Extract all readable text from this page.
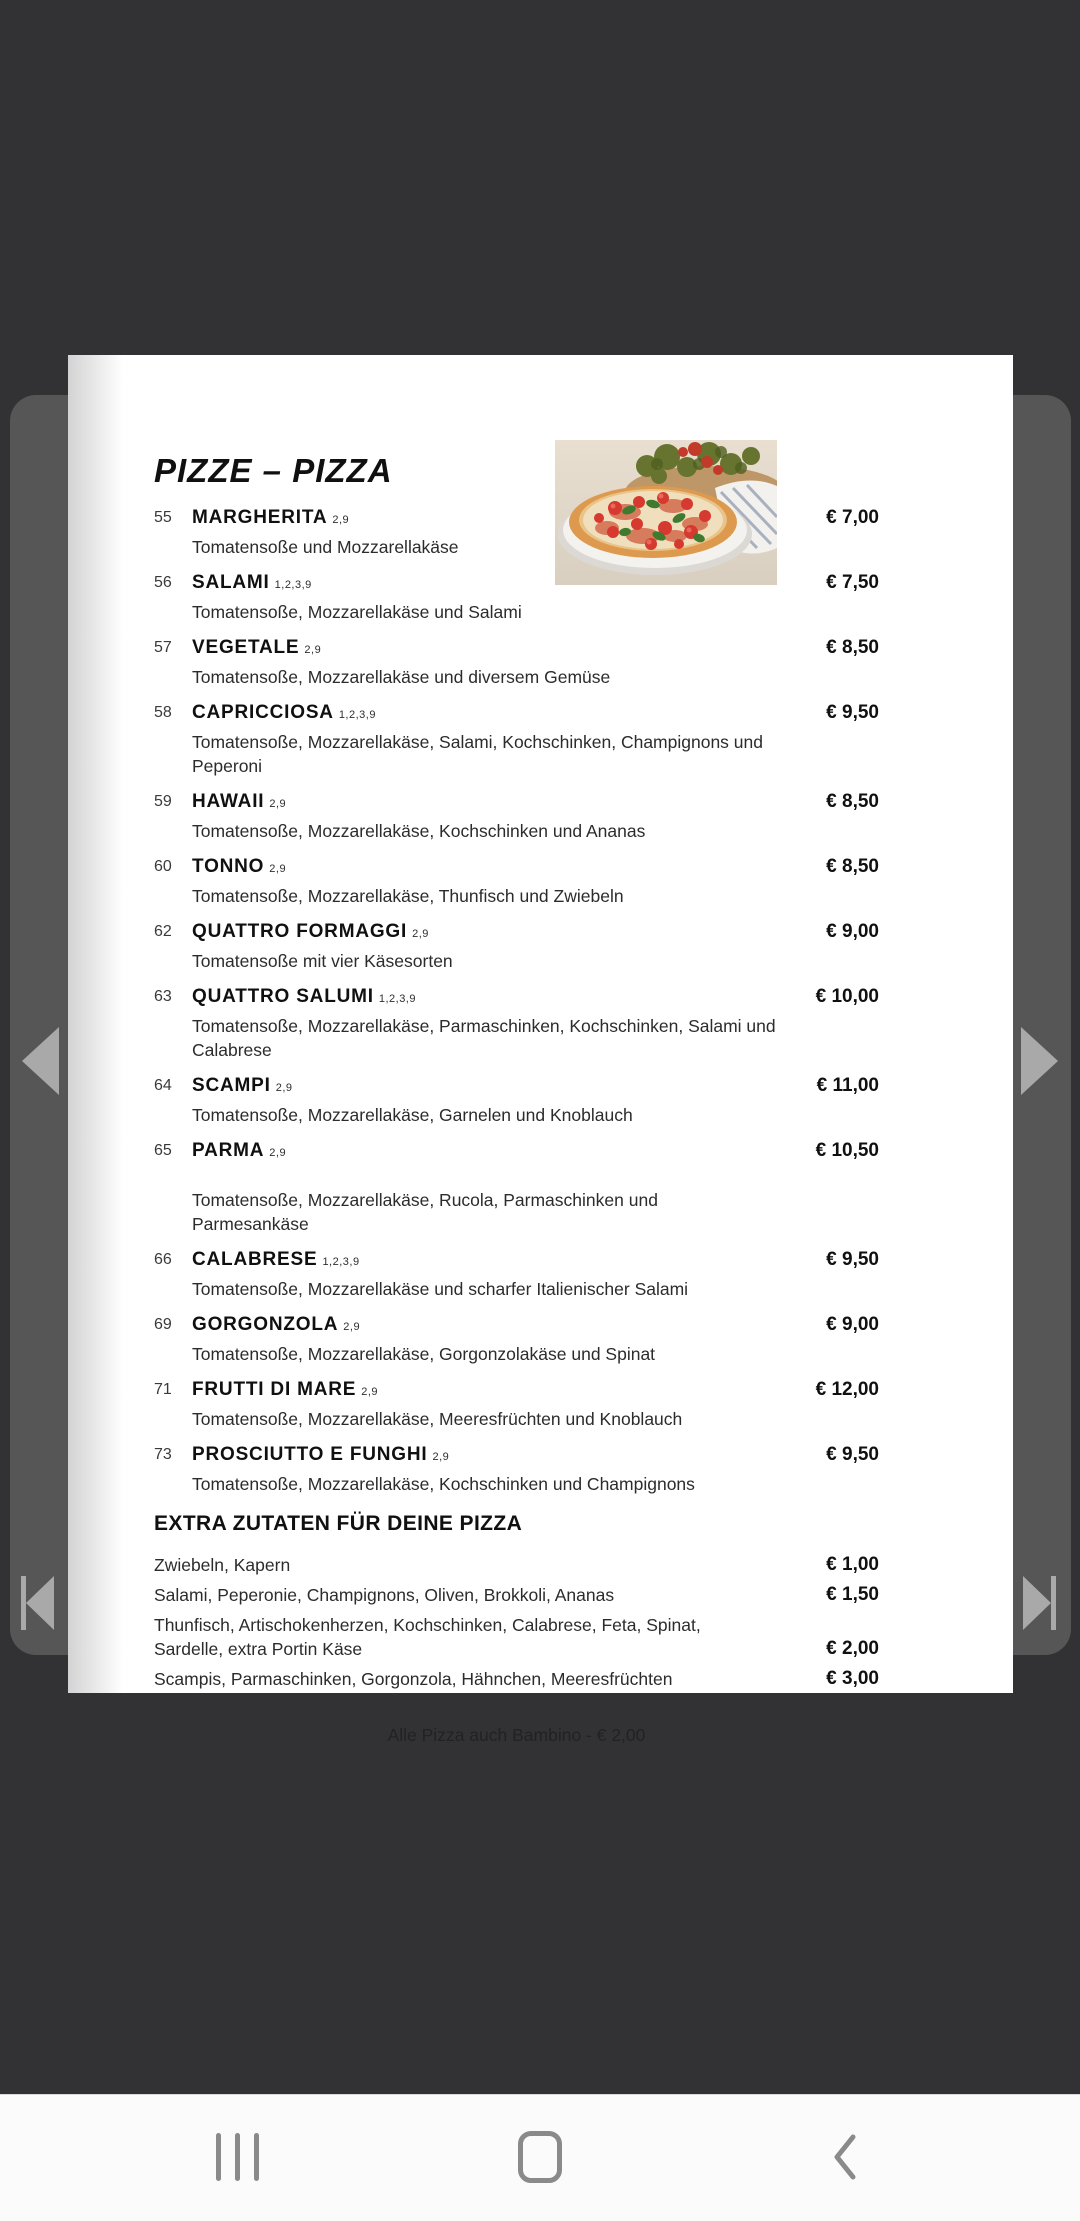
PIZZE – PIZZA
55	MARGHERITA 2,9
Tomatensoße und Mozzarellakäse
€ 7,00
56	SALAMI 1,2,3,9
Tomatensoße, Mozzarellakäse und Salami
€ 7,50
57	VEGETALE 2,9
Tomatensoße, Mozzarellakäse und diversem Gemüse
€ 8,50
58	CAPRICCIOSA 1,2,3,9
Tomatensoße, Mozzarellakäse, Salami, Kochschinken, Champignons und Peperoni
€ 9,50
59	HAWAII 2,9
Tomatensoße, Mozzarellakäse, Kochschinken und Ananas
€ 8,50
60	TONNO 2,9
Tomatensoße, Mozzarellakäse, Thunfisch und Zwiebeln
€ 8,50
62	QUATTRO FORMAGGI 2,9
Tomatensoße mit vier Käsesorten
€ 9,00
63	QUATTRO SALUMI 1,2,3,9
Tomatensoße, Mozzarellakäse, Parmaschinken, Kochschinken, Salami und Calabrese
€ 10,00
64	SCAMPI 2,9
Tomatensoße, Mozzarellakäse, Garnelen und Knoblauch
€ 11,00
65	PARMA 2,9
Tomatensoße, Mozzarellakäse, Rucola, Parmaschinken und Parmesankäse
€ 10,50
66	CALABRESE 1,2,3,9
Tomatensoße, Mozzarellakäse und scharfer Italienischer Salami
€ 9,50
69	GORGONZOLA 2,9
Tomatensoße, Mozzarellakäse, Gorgonzolakäse und Spinat
€ 9,00
71	FRUTTI DI MARE 2,9
Tomatensoße, Mozzarellakäse, Meeresfrüchten und Knoblauch
€ 12,00
73	PROSCIUTTO E FUNGHI 2,9
Tomatensoße, Mozzarellakäse, Kochschinken und Champignons
€ 9,50
EXTRA ZUTATEN FÜR DEINE PIZZA
Zwiebeln, Kapern	€ 1,00
Salami, Peperonie, Champignons, Oliven, Brokkoli, Ananas	€ 1,50
Thunfisch, Artischokenherzen, Kochschinken, Calabrese, Feta, Spinat, Sardelle, extra Portin Käse	€ 2,00
Scampis, Parmaschinken, Gorgonzola, Hähnchen, Meeresfrüchten	€ 3,00
Alle Pizza auch Bambino - € 2,00
